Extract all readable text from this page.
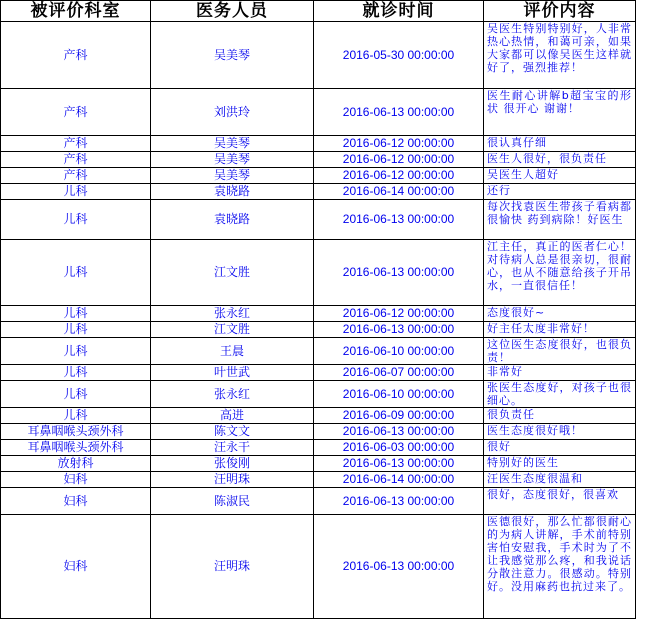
被评价科室	医务人员	就诊时间	评价内容
产科	吴美琴	2016-05-30 00:00:00	吴医生特别特别好，人非常热心热情，和蔼可亲，如果大家都可以像吴医生这样就好了，强烈推荐！
产科	刘洪玲	2016-06-13 00:00:00	医生耐心讲解b超宝宝的形状 很开心 谢谢！
产科	吴美琴	2016-06-12 00:00:00	很认真仔细
产科	吴美琴	2016-06-12 00:00:00	医生人很好，很负责任
产科	吴美琴	2016-06-12 00:00:00	吴医生人超好
儿科	袁晓路	2016-06-14 00:00:00	还行
儿科	袁晓路	2016-06-13 00:00:00	每次找袁医生带孩子看病都很愉快 药到病除！好医生
儿科	江文胜	2016-06-13 00:00:00	江主任，真正的医者仁心！对待病人总是很亲切，很耐心，也从不随意给孩子开吊水，一直很信任！
儿科	张永红	2016-06-12 00:00:00	态度很好~
儿科	江文胜	2016-06-13 00:00:00	好主任太度非常好！
儿科	王晨	2016-06-10 00:00:00	这位医生态度很好，也很负责！
儿科	叶世武	2016-06-07 00:00:00	非常好
儿科	张永红	2016-06-10 00:00:00	张医生态度好，对孩子也很细心。
儿科	高进	2016-06-09 00:00:00	很负责任
耳鼻咽喉头颈外科	陈文文	2016-06-13 00:00:00	医生态度很好哦！
耳鼻咽喉头颈外科	汪永干	2016-06-03 00:00:00	很好
放射科	张俊刚	2016-06-13 00:00:00	特别好的医生
妇科	汪明珠	2016-06-14 00:00:00	汪医生态度很温和
妇科	陈淑民	2016-06-13 00:00:00	很好，态度很好，很喜欢
妇科	汪明珠	2016-06-13 00:00:00	医德很好，那么忙都很耐心的为病人讲解，手术前特别害怕安慰我，手术时为了不让我感觉那么疼，和我说话分散注意力。很感动。特别好。没用麻药也抗过来了。
